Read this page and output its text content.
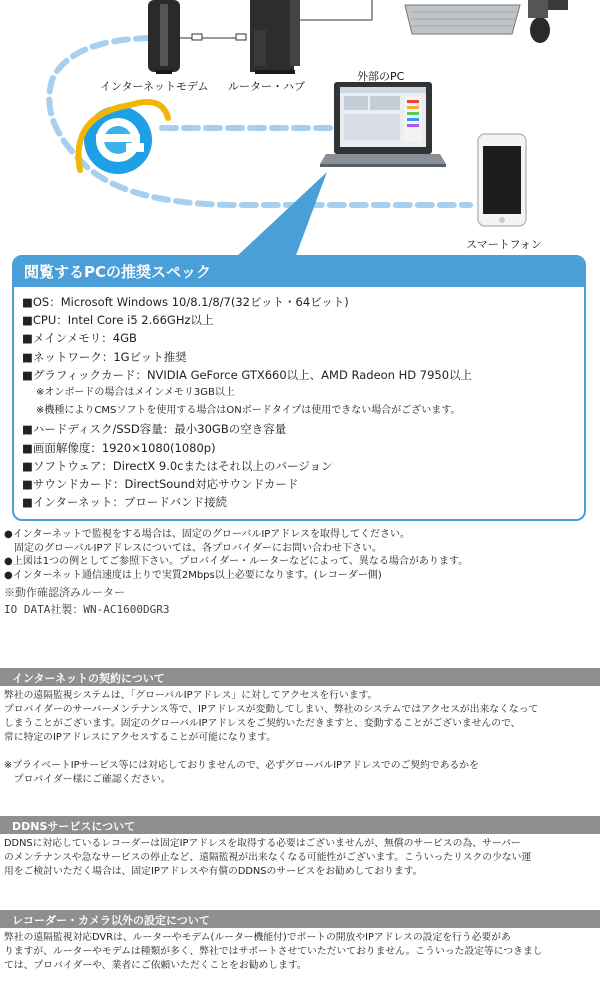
インターネットモデム ルーター・ハブ
外部のPC
スマートフォン
閲覧するPCの推奨スペック
■OS：Microsoft Windows 10/8.1/8/7(32ビット・64ビット)
■CPU：Intel Core i5 2.66GHz以上
■メインメモリ：4GB
■ネットワーク：1Gビット推奨
■グラフィックカード：NVIDIA GeForce GTX660以上、AMD Radeon HD 7950以上
※オンボードの場合はメインメモリ3GB以上
※機種によりCMSソフトを使用する場合はONボードタイプは使用できない場合がございます。
■ハードディスク/SSD容量：最小30GBの空き容量
■画面解像度：1920×1080(1080p)
■ソフトウェア：DirectX 9.0cまたはそれ以上のバージョン
■サウンドカード：DirectSound対応サウンドカード
■インターネット：ブロードバンド接続
●インターネットで監視をする場合は、固定のグローバルIPアドレスを取得してください。
　固定のグローバルIPアドレスについては、各プロバイダーにお問い合わせ下さい。
●上図は1つの例としてご参照下さい。プロバイダー・ルーターなどによって、異なる場合があります。
●インターネット通信速度は上りで実質2Mbps以上必要になります。(レコーダー側)
※動作確認済みルーター
IO DATA社製：WN-AC1600DGR3
インターネットの契約について
弊社の遠隔監視システムは、「グローバルIPアドレス」に対してアクセスを行います。
プロバイダーのサーバーメンテナンス等で、IPアドレスが変動してしまい、弊社のシステムではアクセスが出来なくなって
しまうことがございます。固定のグローバルIPアドレスをご契約いただきますと、変動することがございませんので、
常に特定のIPアドレスにアクセスすることが可能になります。

※プライベートIPサービス等には対応しておりませんので、必ずグローバルIPアドレスでのご契約であるかを
　プロバイダー様にご確認ください。
DDNSサービスについて
DDNSに対応しているレコーダーは固定IPアドレスを取得する必要はございませんが、無償のサービスの為、サーバー
のメンテナンスや急なサービスの停止など、遠隔監視が出来なくなる可能性がございます。こういったリスクの少ない運
用をご検討いただく場合は、固定IPアドレスや有償のDDNSのサービスをお勧めしております。
レコーダー・カメラ以外の設定について
弊社の遠隔監視対応DVRは、ルーターやモデム(ルーター機能付)でポートの開放やIPアドレスの設定を行う必要があ
りますが、ルーターやモデムは種類が多く、弊社ではサポートさせていただいておりません。こういった設定等につきまし
ては、プロバイダーや、業者にご依頼いただくことをお勧めします。
